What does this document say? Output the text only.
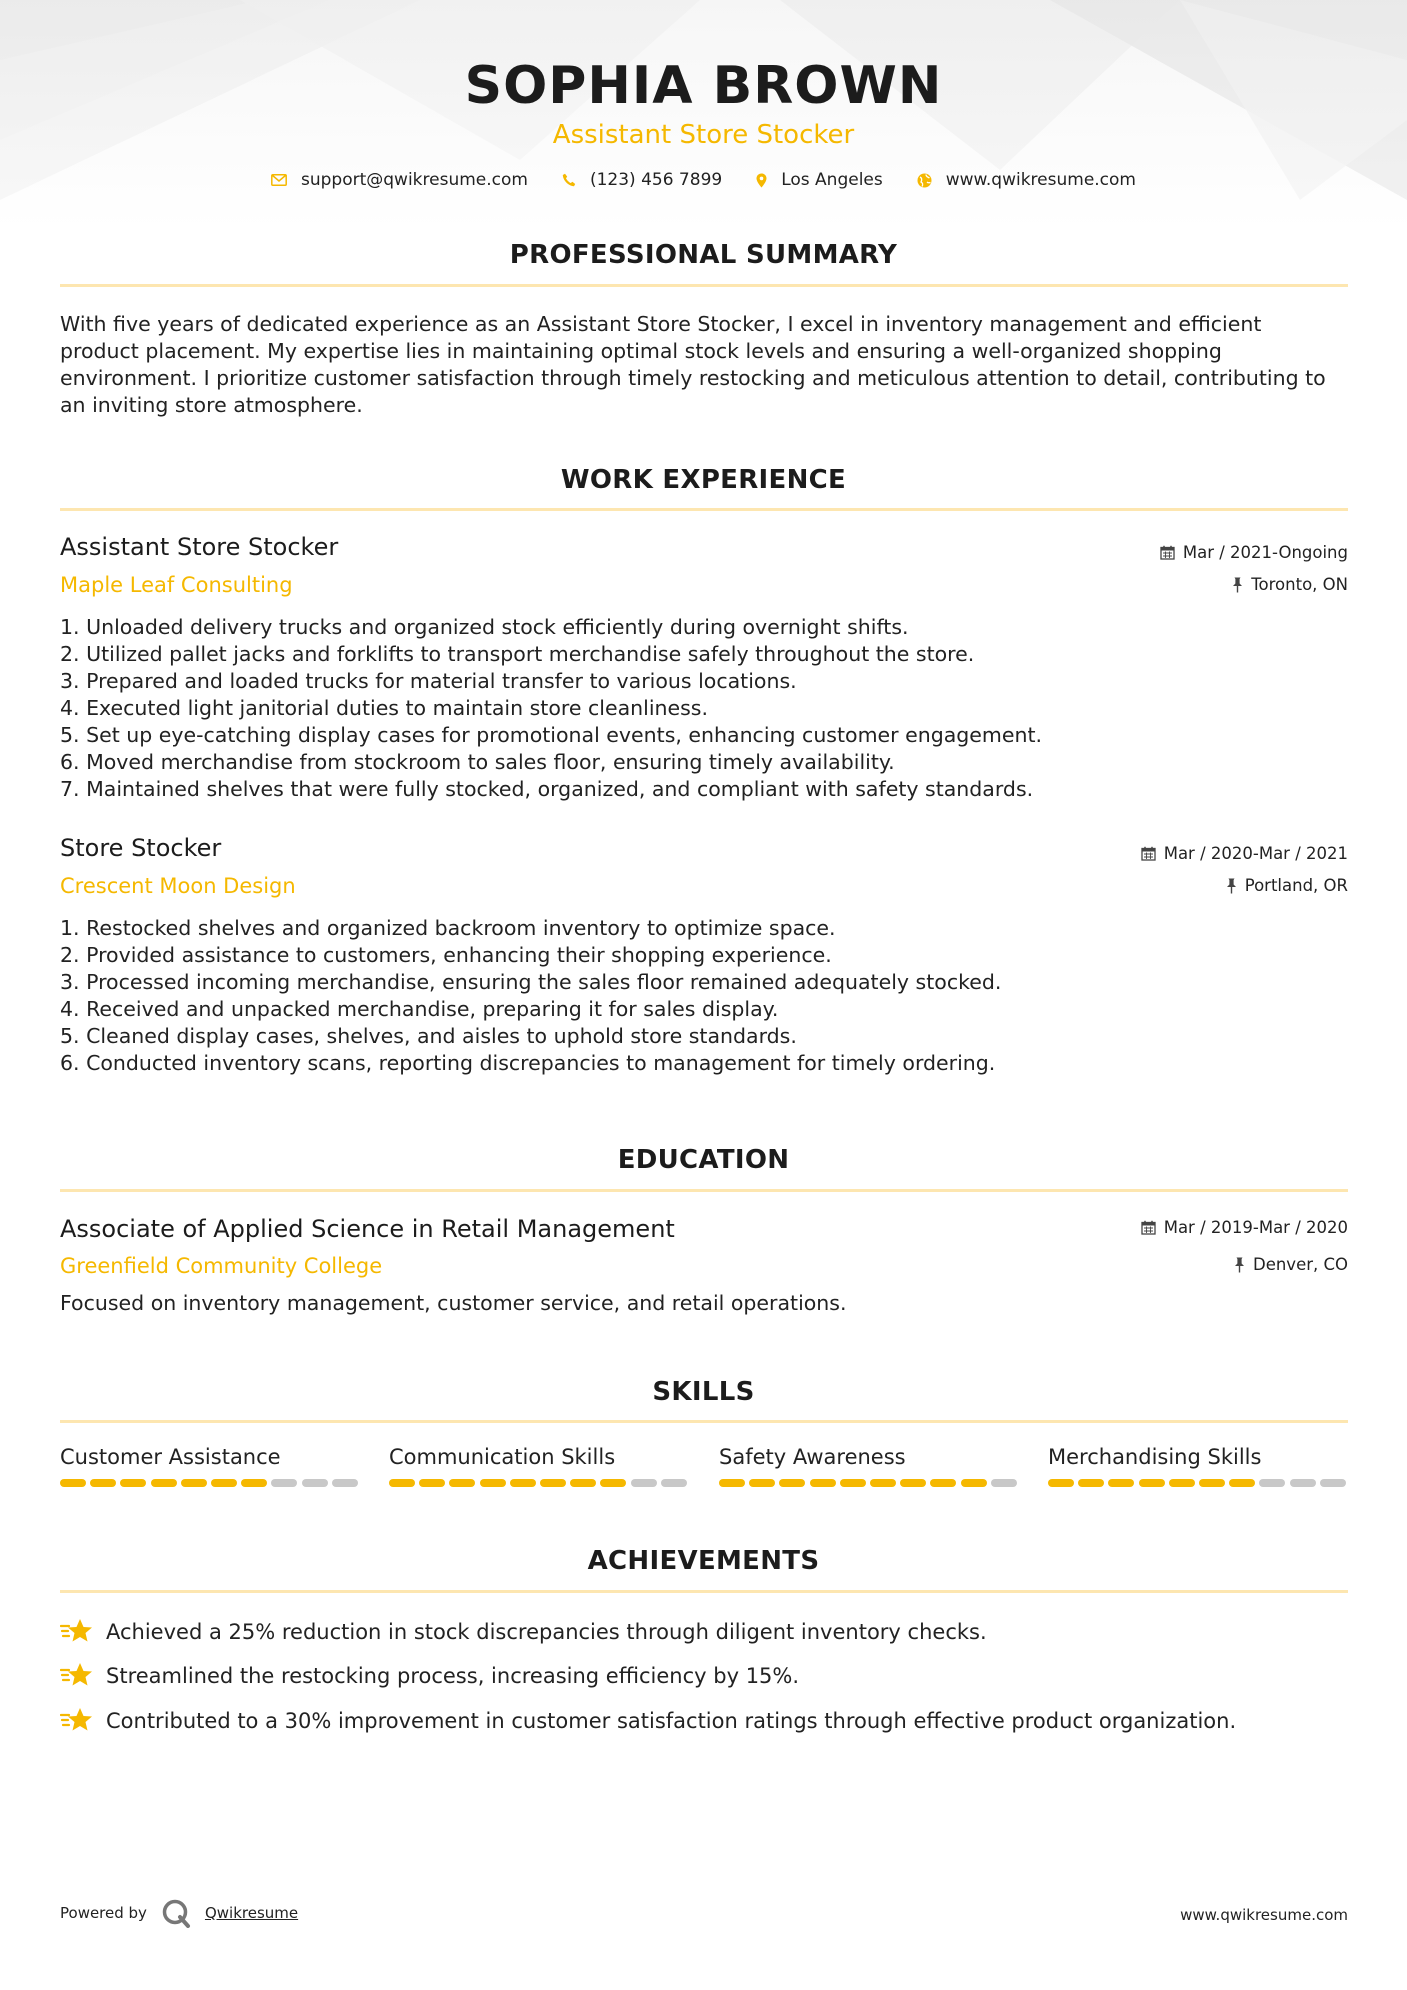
SOPHIA BROWN
Assistant Store Stocker
support@qwikresume.com	(123) 456 7899	Los Angeles	www.qwikresume.com
PROFESSIONAL SUMMARY
With five years of dedicated experience as an Assistant Store Stocker, I excel in inventory management and efficient
product placement. My expertise lies in maintaining optimal stock levels and ensuring a well-organized shopping
environment. I prioritize customer satisfaction through timely restocking and meticulous attention to detail, contributing to
an inviting store atmosphere.
WORK EXPERIENCE
Assistant Store Stocker
Maple Leaf Consulting
Mar / 2021-Ongoing
Toronto, ON
1. Unloaded delivery trucks and organized stock efficiently during overnight shifts.
2. Utilized pallet jacks and forklifts to transport merchandise safely throughout the store.
3. Prepared and loaded trucks for material transfer to various locations.
4. Executed light janitorial duties to maintain store cleanliness.
5. Set up eye-catching display cases for promotional events, enhancing customer engagement.
6. Moved merchandise from stockroom to sales floor, ensuring timely availability.
7. Maintained shelves that were fully stocked, organized, and compliant with safety standards.
Store Stocker
Crescent Moon Design
Mar / 2020-Mar / 2021
Portland, OR
1. Restocked shelves and organized backroom inventory to optimize space.
2. Provided assistance to customers, enhancing their shopping experience.
3. Processed incoming merchandise, ensuring the sales floor remained adequately stocked.
4. Received and unpacked merchandise, preparing it for sales display.
5. Cleaned display cases, shelves, and aisles to uphold store standards.
6. Conducted inventory scans, reporting discrepancies to management for timely ordering.
EDUCATION
Associate of Applied Science in Retail Management
Greenfield Community College
Mar / 2019-Mar / 2020
Denver, CO
Focused on inventory management, customer service, and retail operations.
SKILLS
Customer Assistance	Communication Skills	Safety Awareness	Merchandising Skills
ACHIEVEMENTS
Achieved a 25% reduction in stock discrepancies through diligent inventory checks.
Streamlined the restocking process, increasing efficiency by 15%.
Contributed to a 30% improvement in customer satisfaction ratings through effective product organization.
Powered by	Qwikresume	www.qwikresume.com
